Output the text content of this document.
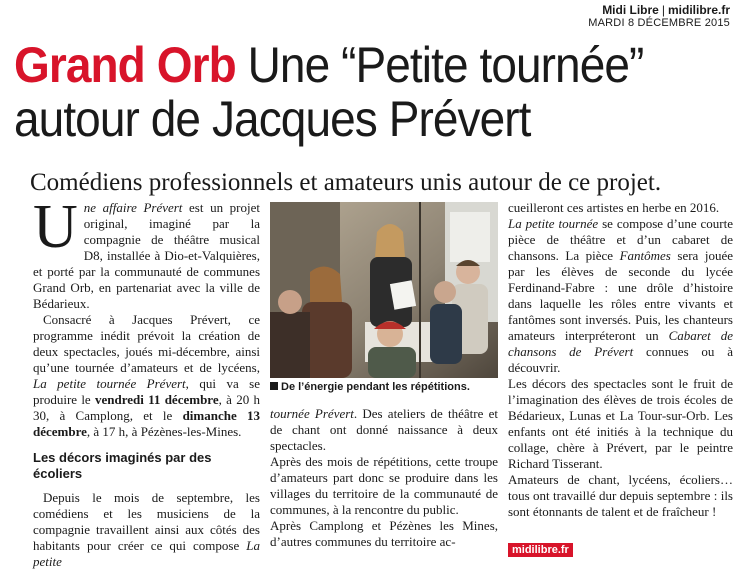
Midi Libre | midilibre.fr
MARDI 8 DÉCEMBRE 2015
Grand Orb Une “Petite tournée”
autour de Jacques Prévert
Comédiens professionnels et amateurs unis autour de ce projet.

Une affaire Prévert est un projet original, imaginé par la compagnie de théâtre musical D8, installée à Dio-et-Valquières, et porté par la communauté de communes Grand Orb, en partenariat avec la ville de Bédarieux.

Consacré à Jacques Prévert, ce programme inédit prévoit la création de deux spectacles, joués mi-décembre, ainsi qu’une tournée d’amateurs et de lycéens, La petite tournée Prévert, qui va se produire le vendredi 11 décembre, à 20 h 30, à Camplong, et le dimanche 13 décembre, à 17 h, à Pézènes-les-Mines.

Les décors imaginés par des écoliers

Depuis le mois de septembre, les comédiens et les musiciens de la compagnie travaillent ainsi aux côtés des habitants pour créer ce qui compose La petite

De l’énergie pendant les répétitions.

tournée Prévert. Des ateliers de théâtre et de chant ont donné naissance à deux spectacles.

Après des mois de répétitions, cette troupe d’amateurs part donc se produire dans les villages du territoire de la communauté de communes, à la rencontre du public.

Après Camplong et Pézènes les Mines, d’autres communes du territoire ac-

cueilleront ces artistes en herbe en 2016.

La petite tournée se compose d’une courte pièce de théâtre et d’un cabaret de chansons. La pièce Fantômes sera jouée par les élèves de seconde du lycée Ferdinand-Fabre : une drôle d’histoire dans laquelle les rôles entre vivants et fantômes sont inversés. Puis, les chanteurs amateurs interpréteront un Cabaret de chansons de Prévert connues ou à découvrir.

Les décors des spectacles sont le fruit de l’imagination des élèves de trois écoles de Bédarieux, Lunas et La Tour-sur-Orb. Les enfants ont été initiés à la technique du collage, chère à Prévert, par le peintre Richard Tisserant.

Amateurs de chant, lycéens, écoliers… tous ont travaillé dur depuis septembre : ils sont étonnants de talent et de fraîcheur !

midilibre.fr
